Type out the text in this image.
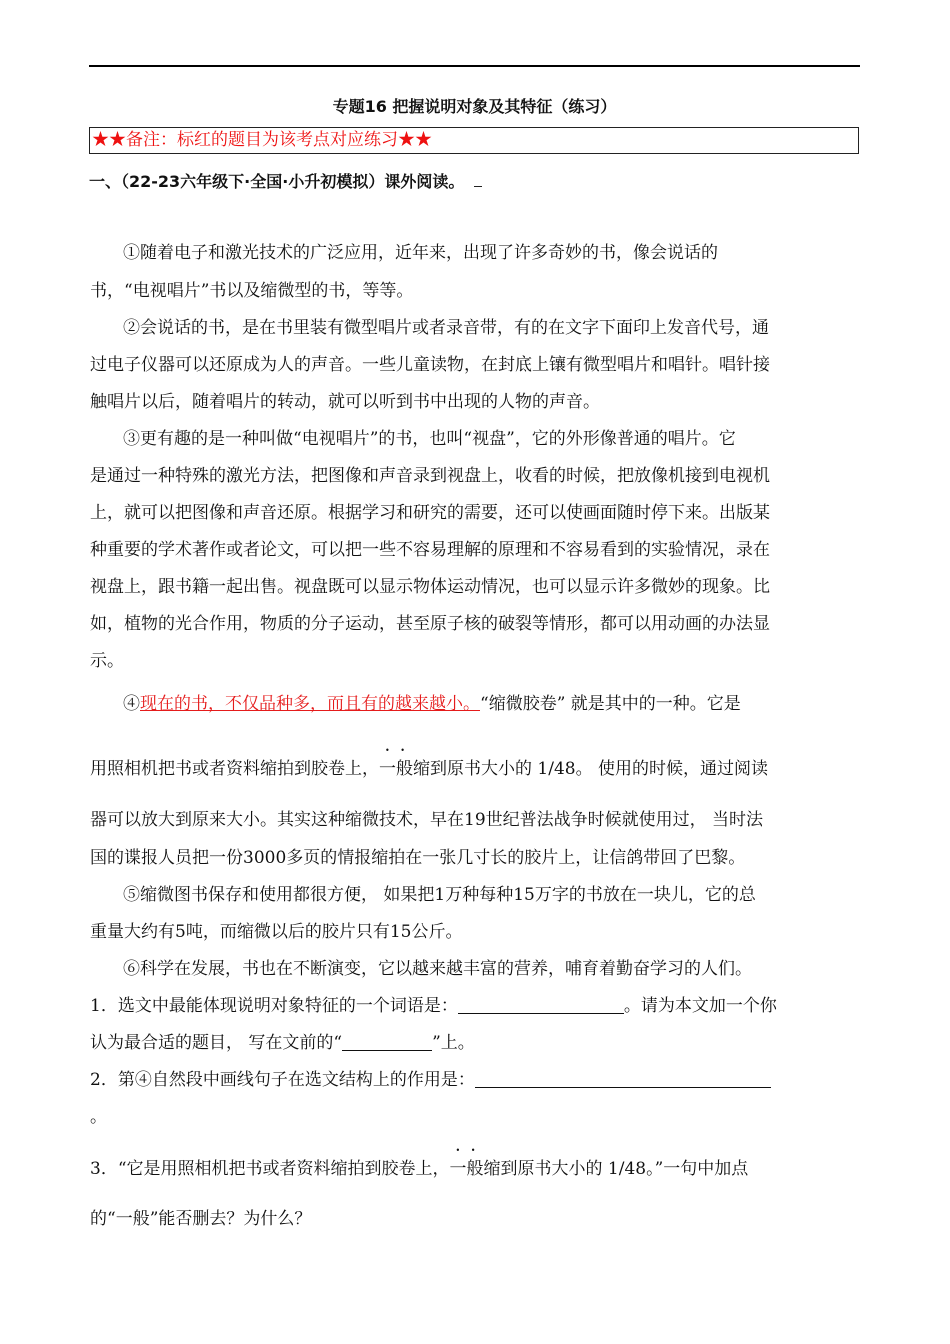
专题16 把握说明对象及其特征（练习）
★★备注：标红的题目为该考点对应练习★★
一、（22-23六年级下·全国·小升初模拟）课外阅读。
①随着电子和激光技术的广泛应用，近年来，出现了许多奇妙的书，像会说话的
书，“电视唱片”书以及缩微型的书，等等。
②会说话的书，是在书里装有微型唱片或者录音带，有的在文字下面印上发音代号，通
过电子仪器可以还原成为人的声音。一些儿童读物，在封底上镶有微型唱片和唱针。唱针接
触唱片以后，随着唱片的转动，就可以听到书中出现的人物的声音。
③更有趣的是一种叫做“电视唱片”的书，也叫“视盘”，它的外形像普通的唱片。它
是通过一种特殊的激光方法，把图像和声音录到视盘上，收看的时候，把放像机接到电视机
上，就可以把图像和声音还原。根据学习和研究的需要，还可以使画面随时停下来。出版某
种重要的学术著作或者论文，可以把一些不容易理解的原理和不容易看到的实验情况，录在
视盘上，跟书籍一起出售。视盘既可以显示物体运动情况，也可以显示许多微妙的现象。比
如，植物的光合作用，物质的分子运动，甚至原子核的破裂等情形，都可以用动画的办法显
示。
④现在的书，不仅品种多，而且有的越来越小。“缩微胶卷” 就是其中的一种。它是
用照相机把书或者资料缩拍到胶卷上，• • 一般缩到原书大小的 1/48。 使用的时候，通过阅读
器可以放大到原来大小。其实这种缩微技术，早在19世纪普法战争时候就使用过， 当时法
国的谍报人员把一份3000多页的情报缩拍在一张几寸长的胶片上，让信鸽带回了巴黎。
⑤缩微图书保存和使用都很方便， 如果把1万种每种15万字的书放在一块儿，它的总
重量大约有5吨，而缩微以后的胶片只有15公斤。
⑥科学在发展，书也在不断演变，它以越来越丰富的营养，哺育着勤奋学习的人们。
1．选文中最能体现说明对象特征的一个词语是：	。请为本文加一个你
认为最合适的题目， 写在文前的“	”上。
2．第④自然段中画线句子在选文结构上的作用是：
。
3．“它是用照相机把书或者资料缩拍到胶卷上，• • 一般缩到原书大小的 1/48。”一句中加点
的“一般”能否删去？为什么？
